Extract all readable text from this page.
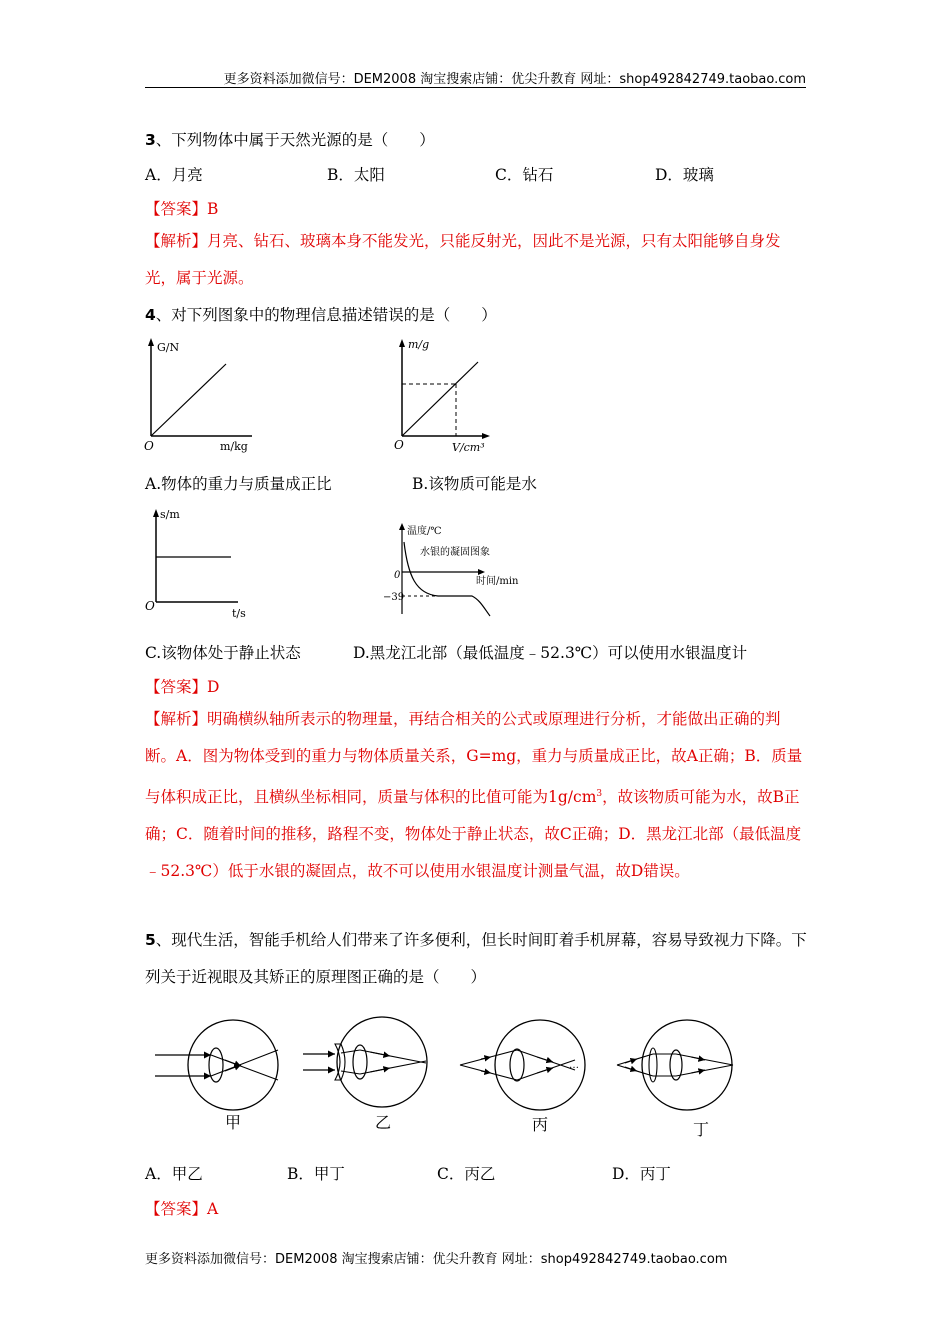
更多资料添加微信号：DEM2008 淘宝搜索店铺：优尖升教育 网址：shop492842749.taobao.com
3、下列物体中属于天然光源的是（　　）
A．月亮	B．太阳	C．钻石	D．玻璃
【答案】B
【解析】月亮、钻石、玻璃本身不能发光，只能反射光，因此不是光源，只有太阳能够自身发光，属于光源。
4、对下列图象中的物理信息描述错误的是（　　）
G/N
m/kg
O
m/g
V/cm³
O
A.物体的重力与质量成正比	B.该物质可能是水
s/m
t/s
O
温度/℃
水银的凝固图象
时间/min
0
−39
C.该物体处于静止状态	D.黑龙江北部（最低温度﹣52.3℃）可以使用水银温度计
【答案】D
【解析】明确横纵轴所表示的物理量，再结合相关的公式或原理进行分析，才能做出正确的判断。A．图为物体受到的重力与物体质量关系，G=mg，重力与质量成正比，故A正确；B．质量与体积成正比，且横纵坐标相同，质量与体积的比值可能为$1g/cm^3$，故该物质可能为水，故B正确；C．随着时间的推移，路程不变，物体处于静止状态，故C正确；D．黑龙江北部（最低温度﹣52.3℃）低于水银的凝固点，故不可以使用水银温度计测量气温，故D错误。
5、现代生活，智能手机给人们带来了许多便利，但长时间盯着手机屏幕，容易导致视力下降。下列关于近视眼及其矫正的原理图正确的是（　　）
…
甲	乙	丙	丁
A．甲乙	B．甲丁	C．丙乙	D．丙丁
【答案】A
更多资料添加微信号：DEM2008 淘宝搜索店铺：优尖升教育 网址：shop492842749.taobao.com
